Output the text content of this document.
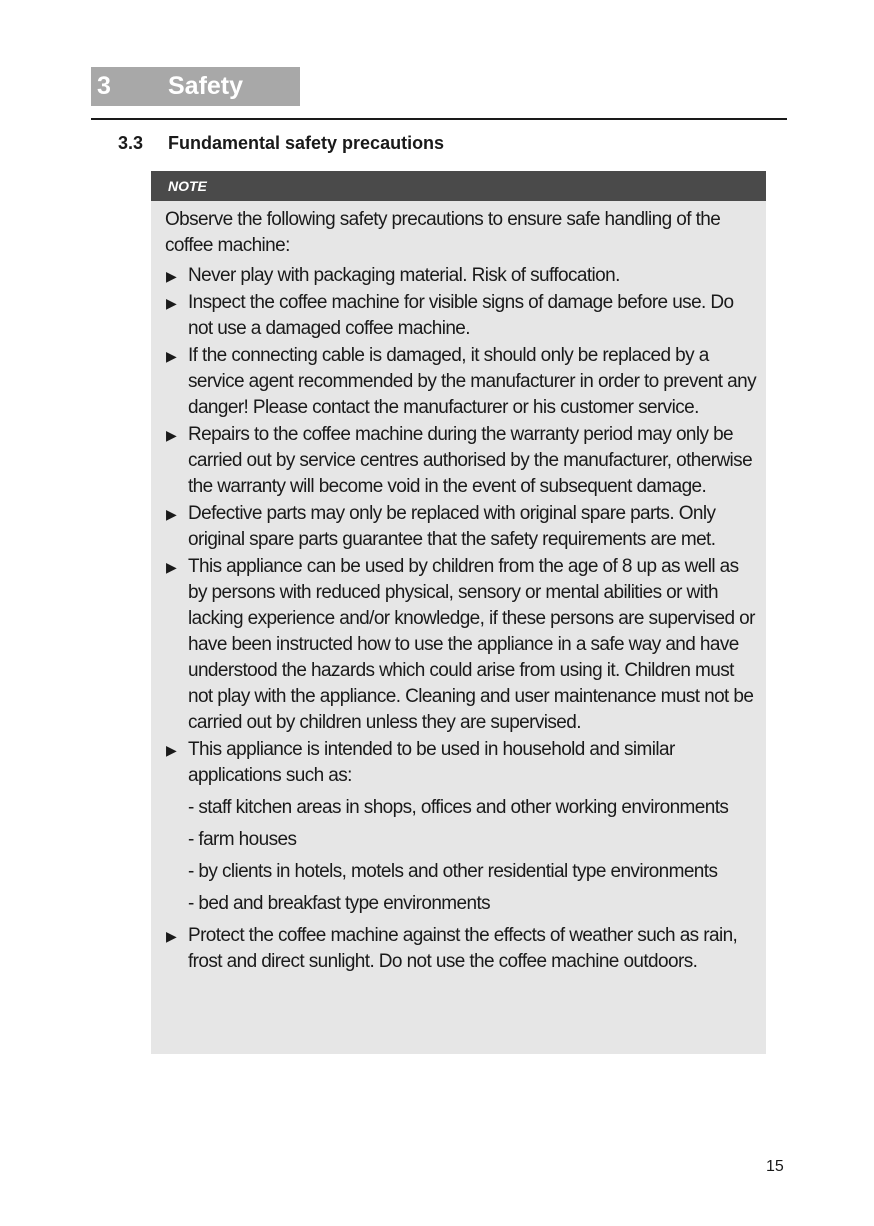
3 Safety
3.3 Fundamental safety precautions
NOTE

Observe the following safety precautions to ensure safe handling of the coffee machine:

▶ Never play with packaging material. Risk of suffocation.
▶ Inspect the coffee machine for visible signs of damage before use. Do not use a damaged coffee machine.
▶ If the connecting cable is damaged, it should only be replaced by a service agent recommended by the manufacturer in order to prevent any danger! Please contact the manufacturer or his customer service.
▶ Repairs to the coffee machine during the warranty period may only be carried out by service centres authorised by the manufacturer, otherwise the warranty will become void in the event of subsequent damage.
▶ Defective parts may only be replaced with original spare parts. Only original spare parts guarantee that the safety requirements are met.
▶ This appliance can be used by children from the age of 8 up as well as by persons with reduced physical, sensory or mental abilities or with lacking experience and/or knowledge, if these persons are supervised or have been instructed how to use the appliance in a safe way and have understood the hazards which could arise from using it. Children must not play with the appliance. Cleaning and user maintenance must not be carried out by children unless they are supervised.
▶ This appliance is intended to be used in household and similar applications such as:
- staff kitchen areas in shops, offices and other working environments
- farm houses
- by clients in hotels, motels and other residential type environments
- bed and breakfast type environments
▶ Protect the coffee machine against the effects of weather such as rain, frost and direct sunlight. Do not use the coffee machine outdoors.
15
